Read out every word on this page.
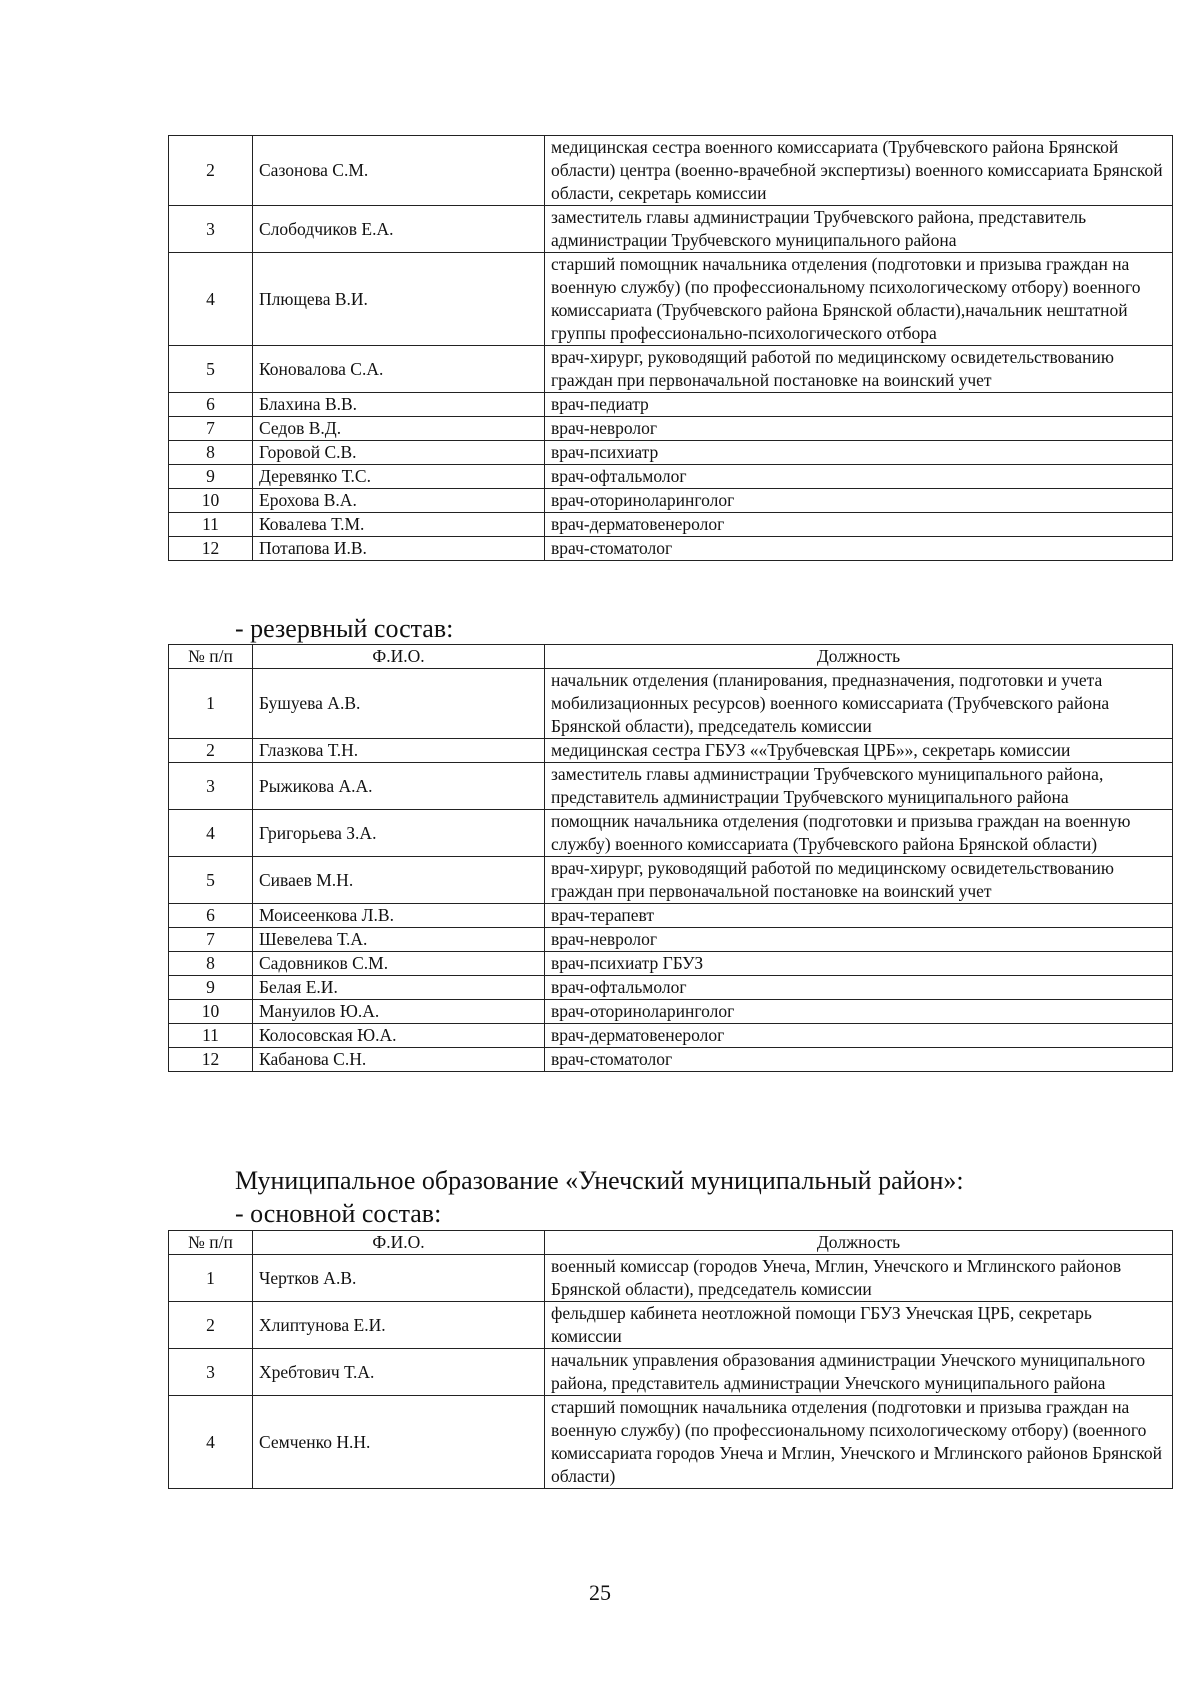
2	Сазонова С.М.	медицинская сестра военного комиссариата (Трубчевского района Брянской области) центра (военно-врачебной экспертизы) военного комиссариата Брянской области, секретарь комиссии
3	Слободчиков Е.А.	заместитель главы администрации Трубчевского района, представитель администрации Трубчевского муниципального района
4	Плющева В.И.	старший помощник начальника отделения (подготовки и призыва граждан на военную службу) (по профессиональному психологическому отбору) военного комиссариата (Трубчевского района Брянской области),начальник нештатной группы профессионально-психологического отбора
5	Коновалова С.А.	врач-хирург, руководящий работой по медицинскому освидетельствованию граждан при первоначальной постановке на воинский учет
6	Блахина В.В.	врач-педиатр
7	Седов В.Д.	врач-невролог
8	Горовой С.В.	врач-психиатр
9	Деревянко Т.С.	врач-офтальмолог
10	Ерохова В.А.	врач-оториноларинголог
11	Ковалева Т.М.	врач-дерматовенеролог
12	Потапова И.В.	врач-стоматолог
- резервный состав:
№ п/п	Ф.И.О.	Должность
1	Бушуева А.В.	начальник отделения (планирования, предназначения, подготовки и учета мобилизационных ресурсов) военного комиссариата (Трубчевского района Брянской области), председатель комиссии
2	Глазкова Т.Н.	медицинская сестра ГБУЗ ««Трубчевская ЦРБ»», секретарь комиссии
3	Рыжикова А.А.	заместитель главы администрации Трубчевского муниципального района, представитель администрации Трубчевского муниципального района
4	Григорьева З.А.	помощник начальника отделения (подготовки и призыва граждан на военную службу) военного комиссариата (Трубчевского района Брянской области)
5	Сиваев М.Н.	врач-хирург, руководящий работой по медицинскому освидетельствованию граждан при первоначальной постановке на воинский учет
6	Моисеенкова Л.В.	врач-терапевт
7	Шевелева Т.А.	врач-невролог
8	Садовников С.М.	врач-психиатр ГБУЗ
9	Белая Е.И.	врач-офтальмолог
10	Мануилов Ю.А.	врач-оториноларинголог
11	Колосовская Ю.А.	врач-дерматовенеролог
12	Кабанова С.Н.	врач-стоматолог
Муниципальное образование «Унечский муниципальный район»:
- основной состав:
№ п/п	Ф.И.О.	Должность
1	Чертков А.В.	военный комиссар (городов Унеча, Мглин, Унечского и Мглинского районов Брянской области), председатель комиссии
2	Хлиптунова Е.И.	фельдшер кабинета неотложной помощи ГБУЗ Унечская ЦРБ, секретарь комиссии
3	Хребтович Т.А.	начальник управления образования администрации Унечского муниципального района, представитель администрации Унечского муниципального района
4	Семченко Н.Н.	старший помощник начальника отделения (подготовки и призыва граждан на военную службу) (по профессиональному психологическому отбору) (военного комиссариата городов Унеча и Мглин, Унечского и Мглинского районов Брянской области)
25
